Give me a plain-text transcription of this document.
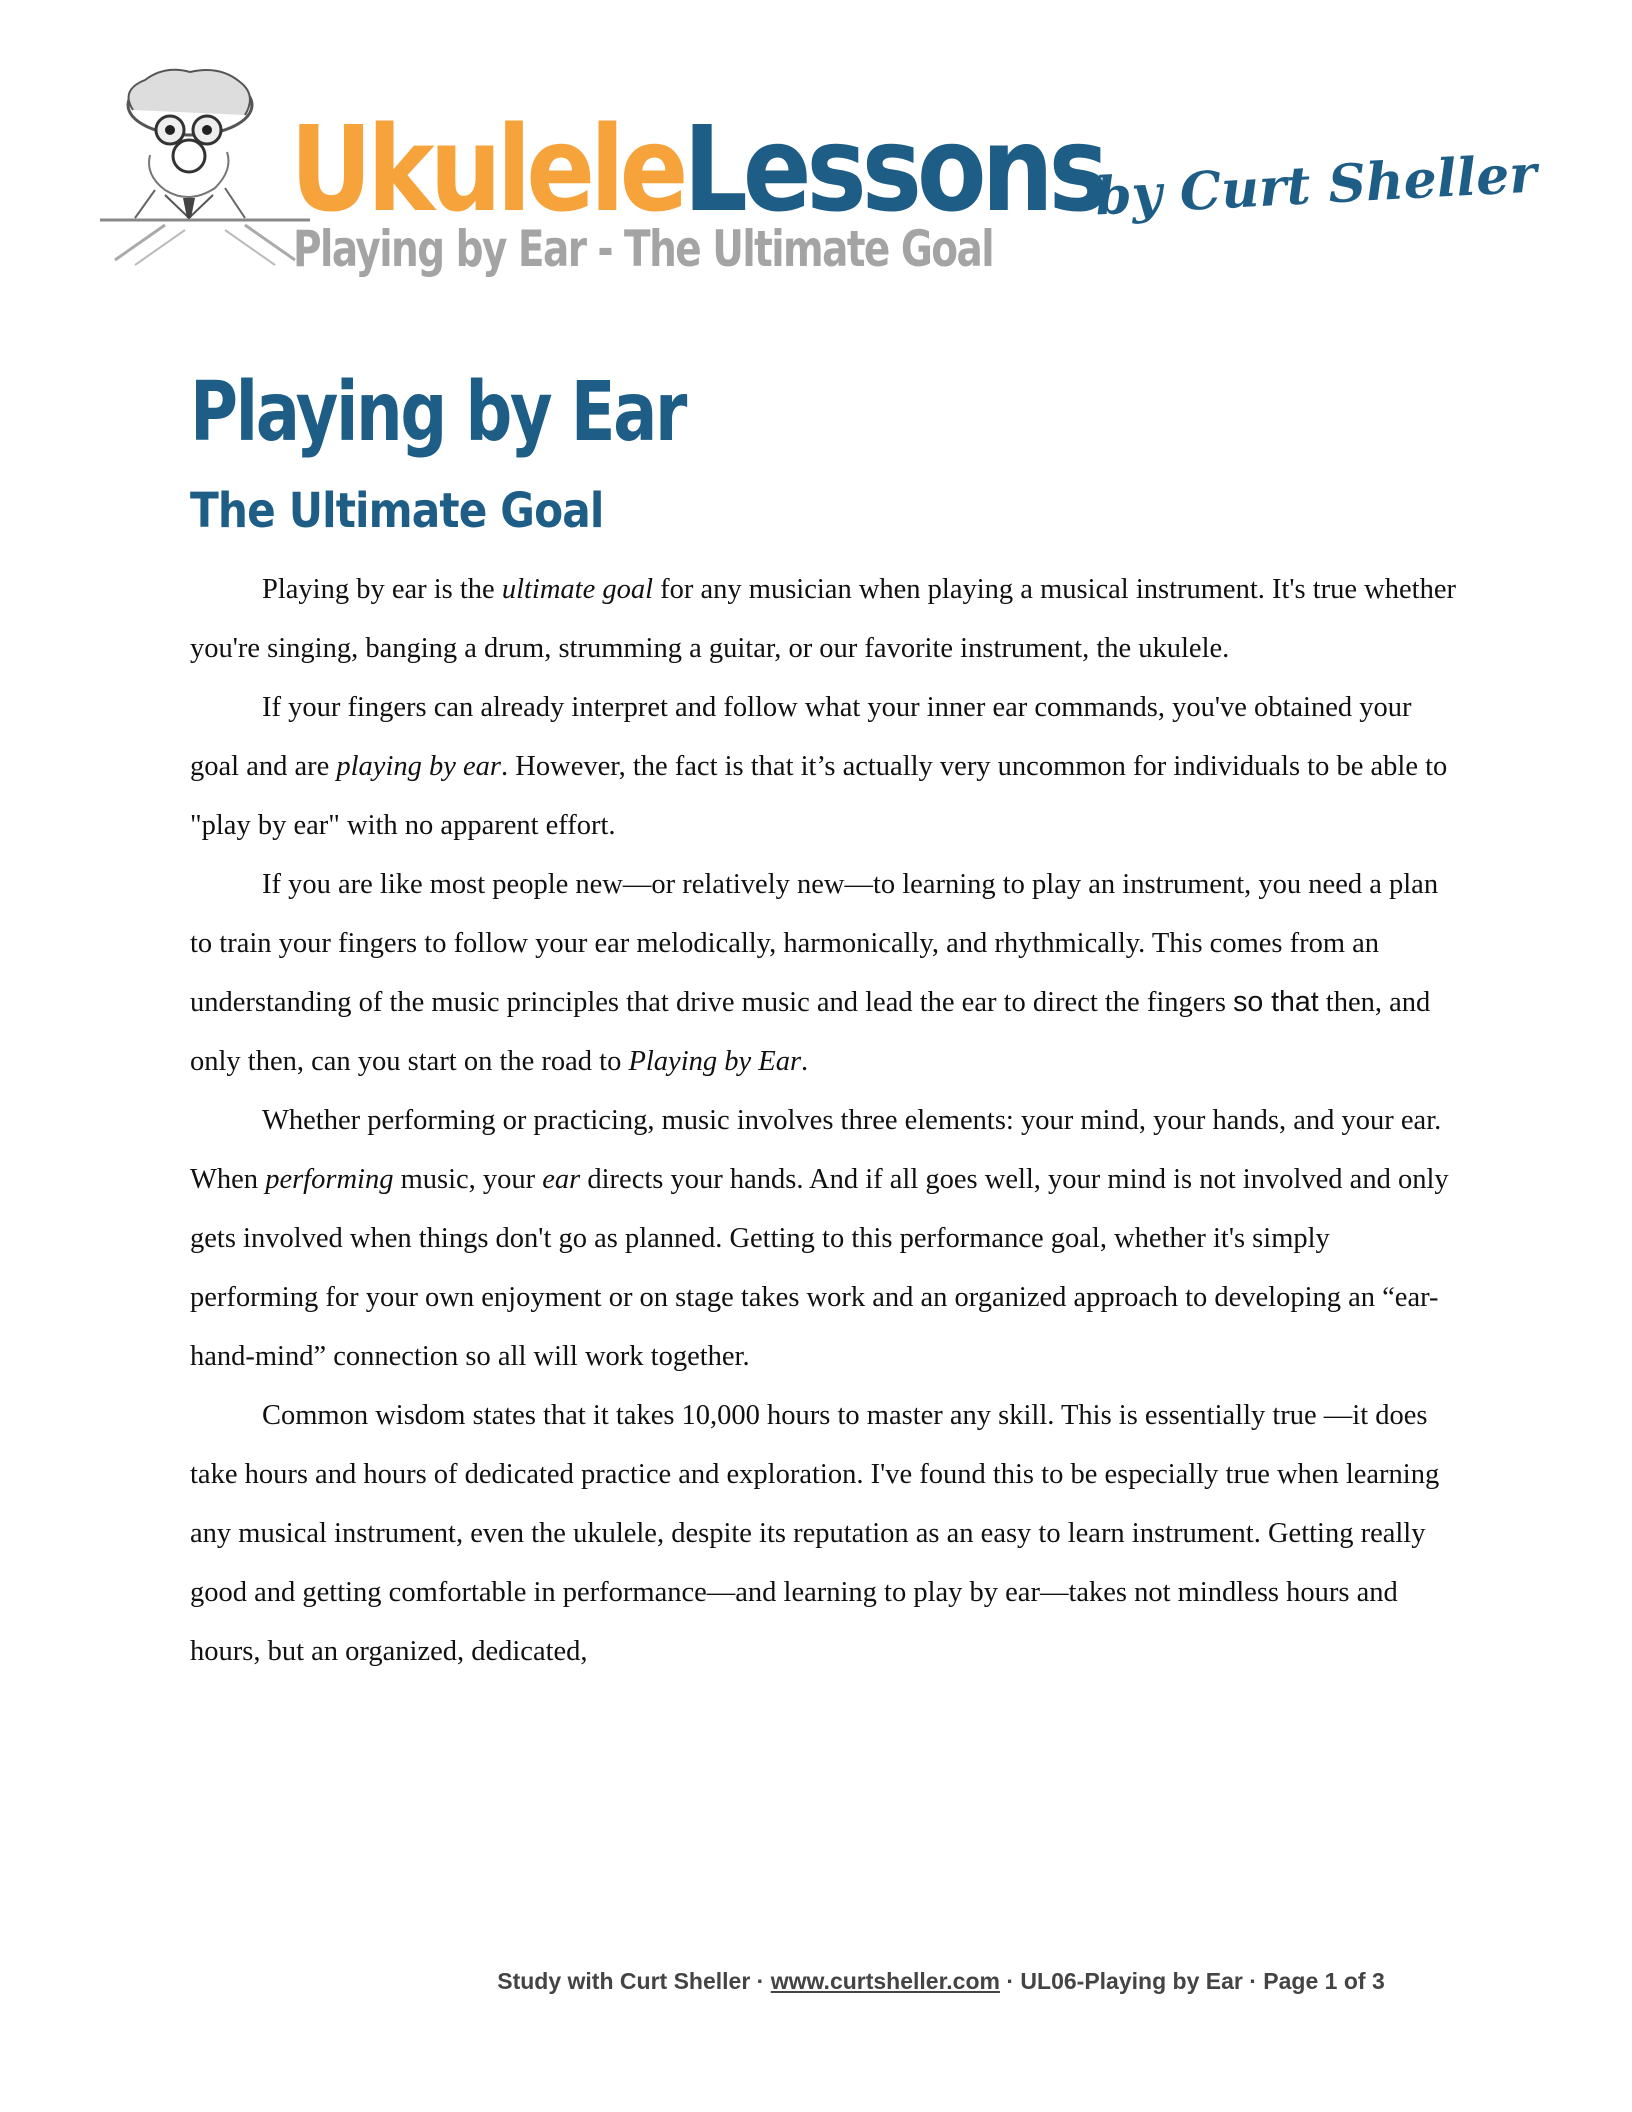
UkuleleLessons
by Curt Sheller
Playing by Ear - The Ultimate Goal
Playing by Ear
The Ultimate Goal

Playing by ear is the ultimate goal for any musician when playing a musical instrument. It's true whether you're singing, banging a drum, strumming a guitar, or our favorite instrument, the ukulele.

If your fingers can already interpret and follow what your inner ear commands, you've obtained your goal and are playing by ear. However, the fact is that it’s actually very uncommon for individuals to be able to "play by ear" with no apparent effort.

If you are like most people new—or relatively new—to learning to play an instrument, you need a plan to train your fingers to follow your ear melodically, harmonically, and rhythmically. This comes from an understanding of the music principles that drive music and lead the ear to direct the fingers so that then, and only then, can you start on the road to Playing by Ear.

Whether performing or practicing, music involves three elements: your mind, your hands, and your ear. When performing music, your ear directs your hands. And if all goes well, your mind is not involved and only gets involved when things don't go as planned. Getting to this performance goal, whether it's simply performing for your own enjoyment or on stage takes work and an organized approach to developing an “ear-hand-mind” connection so all will work together.

Common wisdom states that it takes 10,000 hours to master any skill. This is essentially true —it does take hours and hours of dedicated practice and exploration. I've found this to be especially true when learning any musical instrument, even the ukulele, despite its reputation as an easy to learn instrument. Getting really good and getting comfortable in performance—and learning to play by ear—takes not mindless hours and hours, but an organized, dedicated,

Study with Curt Sheller · www.curtsheller.com · UL06-Playing by Ear · Page 1 of 3
